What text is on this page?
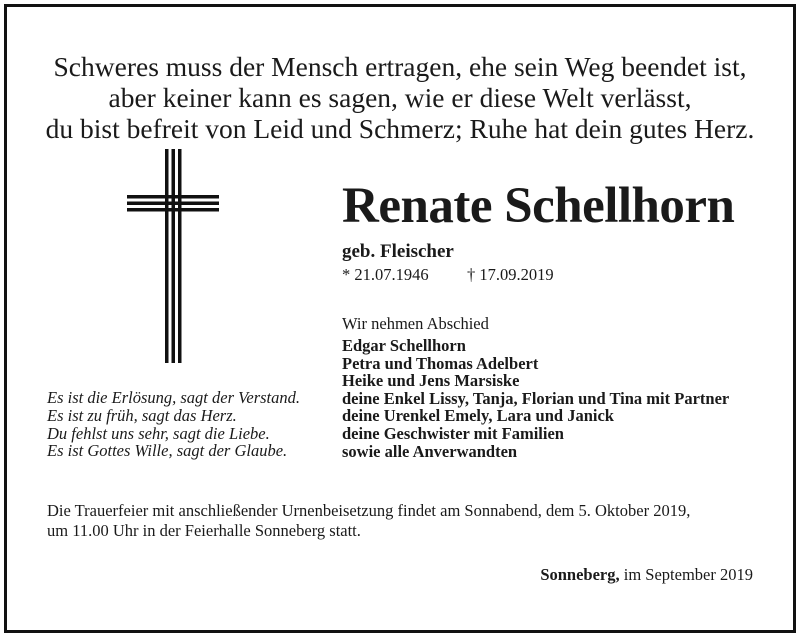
Schweres muss der Mensch ertragen, ehe sein Weg beendet ist,
aber keiner kann es sagen, wie er diese Welt verlässt,
du bist befreit von Leid und Schmerz; Ruhe hat dein gutes Herz.
Renate Schellhorn
geb. Fleischer
* 21.07.1946 † 17.09.2019
Wir nehmen Abschied
Edgar Schellhorn
Petra und Thomas Adelbert
Heike und Jens Marsiske
deine Enkel Lissy, Tanja, Florian und Tina mit Partner
deine Urenkel Emely, Lara und Janick
deine Geschwister mit Familien
sowie alle Anverwandten
Es ist die Erlösung, sagt der Verstand.
Es ist zu früh, sagt das Herz.
Du fehlst uns sehr, sagt die Liebe.
Es ist Gottes Wille, sagt der Glaube.
Die Trauerfeier mit anschließender Urnenbeisetzung findet am Sonnabend, dem 5. Oktober 2019,
um 11.00 Uhr in der Feierhalle Sonneberg statt.
Sonneberg, im September 2019
